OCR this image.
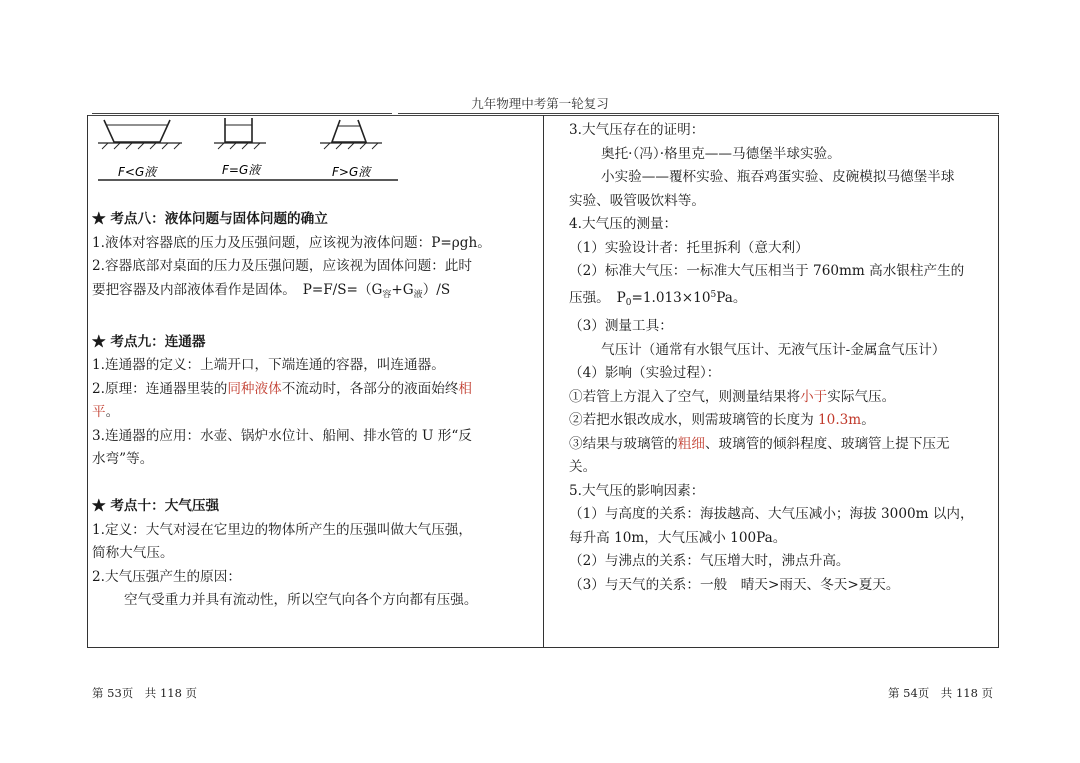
九年物理中考第一轮复习
F<G液	F=G液	F>G液

★ 考点八：液体问题与固体问题的确立

1.液体对容器底的压力及压强问题，应该视为液体问题：P=ρgh。

2.容器底部对桌面的压力及压强问题，应该视为固体问题：此时

要把容器及内部液体看作是固体。　$P=F/S=(G_容+G_液)/S$

★ 考点九：连通器

1.连通器的定义：上端开口，下端连通的容器，叫连通器。

2.原理：连通器里装的同种液体不流动时，各部分的液面始终相

平。

3.连通器的应用：水壶、锅炉水位计、船闸、排水管的 U 形“反

水弯”等。

★ 考点十：大气压强

1.定义：大气对浸在它里边的物体所产生的压强叫做大气压强，

简称大气压。

2.大气压强产生的原因：

空气受重力并具有流动性，所以空气向各个方向都有压强。

3.大气压存在的证明：

奥托·（冯）·格里克——马德堡半球实验。

小实验——覆杯实验、瓶吞鸡蛋实验、皮碗模拟马德堡半球

实验、吸管吸饮料等。

4.大气压的测量：

（1）实验设计者：托里拆利（意大利）

（2）标准大气压：一标准大气压相当于 760mm 高水银柱产生的

压强。　$P_0=1.013\times 10^5Pa$。

（3）测量工具：

气压计（通常有水银气压计、无液气压计-金属盒气压计）

（4）影响（实验过程）：

①若管上方混入了空气，则测量结果将小于实际气压。

②若把水银改成水，则需玻璃管的长度为 10.3m。

③结果与玻璃管的粗细、玻璃管的倾斜程度、玻璃管上提下压无

关。

5.大气压的影响因素：

（1）与高度的关系：海拔越高、大气压减小；海拔 3000m 以内，

每升高 10m，大气压减小 100Pa。

（2）与沸点的关系：气压增大时，沸点升高。

（3）与天气的关系：一般　晴天>雨天、冬天>夏天。

第 53页　共 118 页	第 54页　共 118 页
